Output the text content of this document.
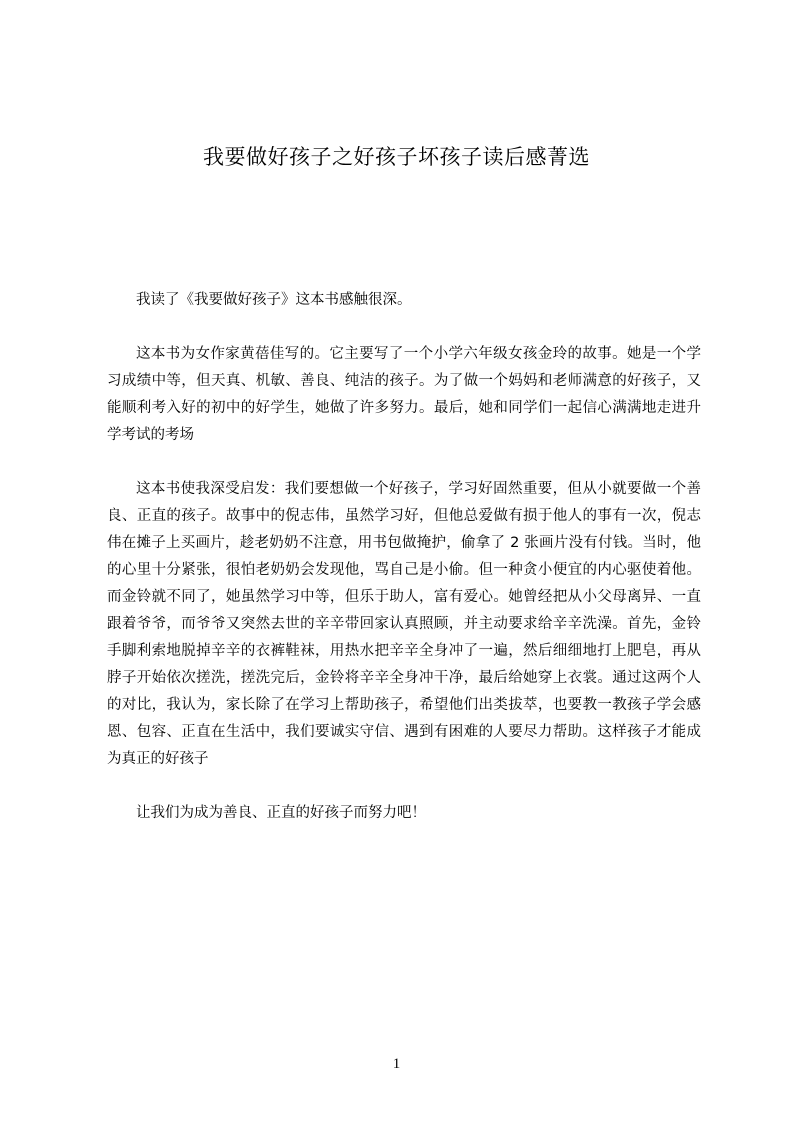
我要做好孩子之好孩子坏孩子读后感菁选

我读了《我要做好孩子》这本书感触很深。

这本书为女作家黄蓓佳写的。它主要写了一个小学六年级女孩金玲的故事。她是一个学习成绩中等，但天真、机敏、善良、纯洁的孩子。为了做一个妈妈和老师满意的好孩子，又能顺利考入好的初中的好学生，她做了许多努力。最后，她和同学们一起信心满满地走进升学考试的考场

这本书使我深受启发：我们要想做一个好孩子，学习好固然重要，但从小就要做一个善良、正直的孩子。故事中的倪志伟，虽然学习好，但他总爱做有损于他人的事有一次，倪志伟在摊子上买画片，趁老奶奶不注意，用书包做掩护，偷拿了 2 张画片没有付钱。当时，他的心里十分紧张，很怕老奶奶会发现他，骂自己是小偷。但一种贪小便宜的内心驱使着他。而金铃就不同了，她虽然学习中等，但乐于助人，富有爱心。她曾经把从小父母离异、一直跟着爷爷，而爷爷又突然去世的辛辛带回家认真照顾，并主动要求给辛辛洗澡。首先，金铃手脚利索地脱掉辛辛的衣裤鞋袜，用热水把辛辛全身冲了一遍，然后细细地打上肥皂，再从脖子开始依次搓洗，搓洗完后，金铃将辛辛全身冲干净，最后给她穿上衣裳。通过这两个人的对比，我认为，家长除了在学习上帮助孩子，希望他们出类拔萃，也要教一教孩子学会感恩、包容、正直在生活中，我们要诚实守信、遇到有困难的人要尽力帮助。这样孩子才能成为真正的好孩子

让我们为成为善良、正直的好孩子而努力吧！

1
